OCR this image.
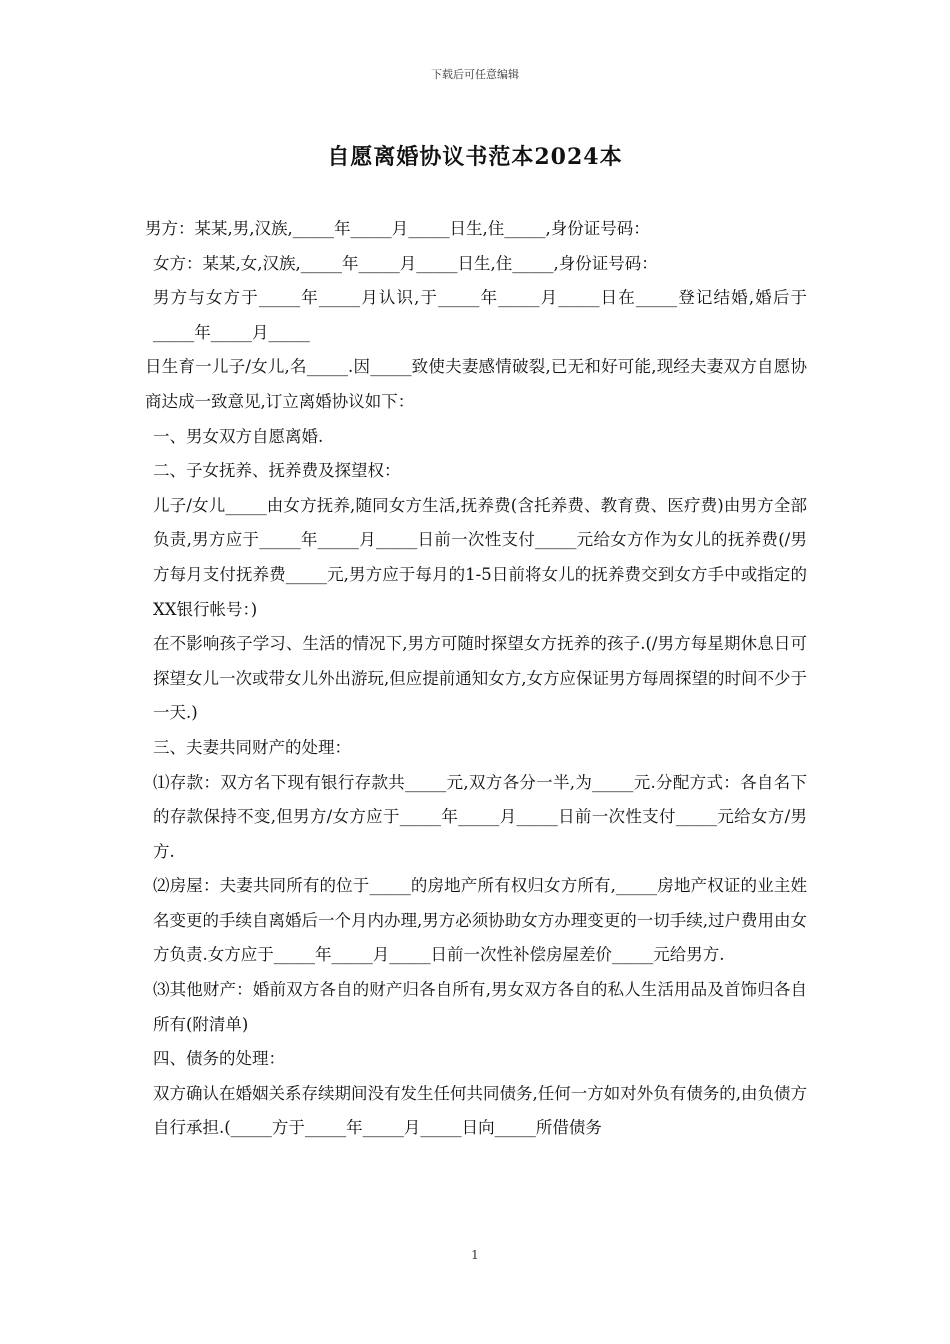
下载后可任意编辑
自愿离婚协议书范本2024本

男方：某某,男,汉族,_____年_____月_____日生,住_____,身份证号码：

女方：某某,女,汉族,_____年_____月_____日生,住_____,身份证号码：

男方与女方于_____年_____月认识,于_____年_____月_____日在_____登记结婚,婚后于_____年_____月_____

日生育一儿子/女儿,名_____.因_____致使夫妻感情破裂,已无和好可能,现经夫妻双方自愿协商达成一致意见,订立离婚协议如下：

一、男女双方自愿离婚.

二、子女抚养、抚养费及探望权：

儿子/女儿_____由女方抚养,随同女方生活,抚养费(含托养费、教育费、医疗费)由男方全部负责,男方应于_____年_____月_____日前一次性支付_____元给女方作为女儿的抚养费(/男方每月支付抚养费_____元,男方应于每月的1-5日前将女儿的抚养费交到女方手中或指定的XX银行帐号：)

在不影响孩子学习、生活的情况下,男方可随时探望女方抚养的孩子.(/男方每星期休息日可探望女儿一次或带女儿外出游玩,但应提前通知女方,女方应保证男方每周探望的时间不少于一天.)

三、夫妻共同财产的处理：

⑴存款：双方名下现有银行存款共_____元,双方各分一半,为_____元.分配方式：各自名下的存款保持不变,但男方/女方应于_____年_____月_____日前一次性支付_____元给女方/男方.

⑵房屋：夫妻共同所有的位于_____的房地产所有权归女方所有,_____房地产权证的业主姓名变更的手续自离婚后一个月内办理,男方必须协助女方办理变更的一切手续,过户费用由女方负责.女方应于_____年_____月_____日前一次性补偿房屋差价_____元给男方.

⑶其他财产：婚前双方各自的财产归各自所有,男女双方各自的私人生活用品及首饰归各自所有(附清单)

四、债务的处理：

双方确认在婚姻关系存续期间没有发生任何共同债务,任何一方如对外负有债务的,由负债方自行承担.(_____方于_____年_____月_____日向_____所借债务

1
